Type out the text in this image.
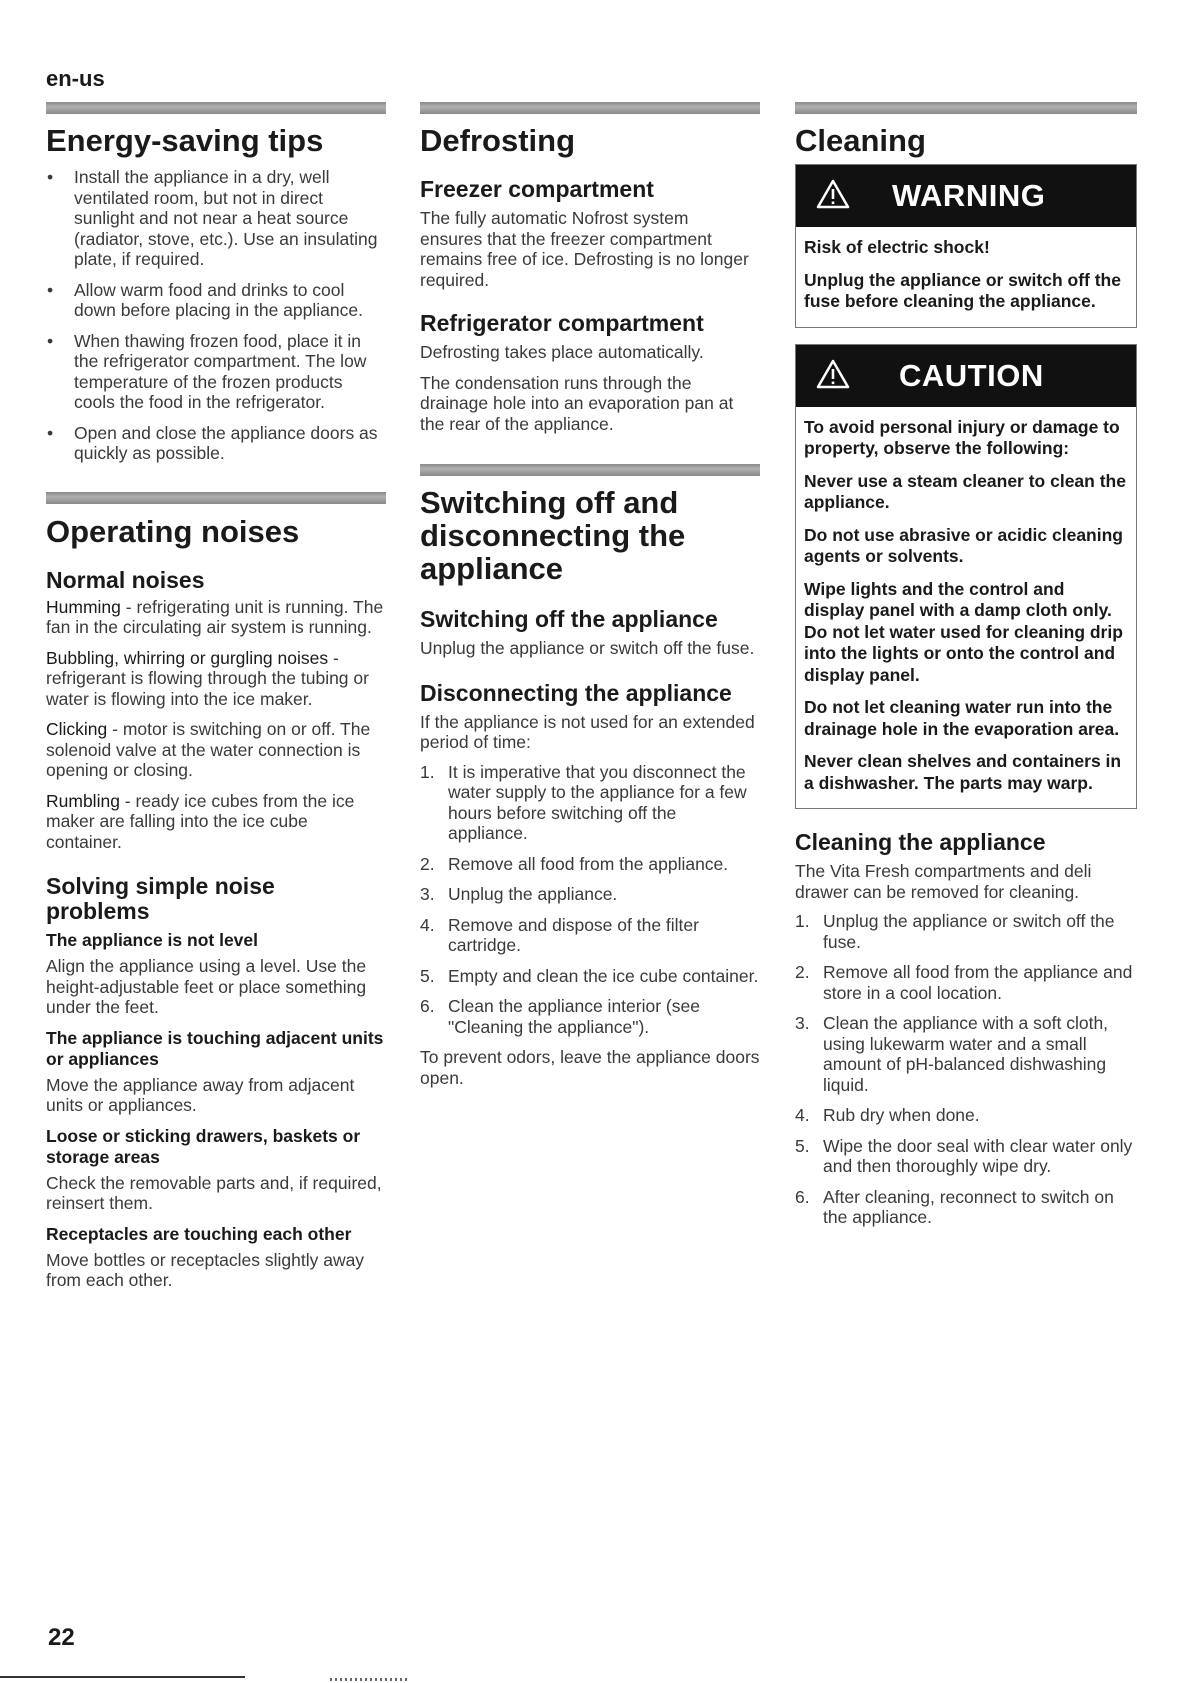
en-us
Energy-saving tips
• Install the appliance in a dry, well ventilated room, but not in direct sunlight and not near a heat source (radiator, stove, etc.). Use an insulating plate, if required.
• Allow warm food and drinks to cool down before placing in the appliance.
• When thawing frozen food, place it in the refrigerator compartment. The low temperature of the frozen products cools the food in the refrigerator.
• Open and close the appliance doors as quickly as possible.
Operating noises
Normal noises
Humming - refrigerating unit is running. The fan in the circulating air system is running.
Bubbling, whirring or gurgling noises - refrigerant is flowing through the tubing or water is flowing into the ice maker.
Clicking - motor is switching on or off. The solenoid valve at the water connection is opening or closing.
Rumbling - ready ice cubes from the ice maker are falling into the ice cube container.
Solving simple noise problems
The appliance is not level
Align the appliance using a level. Use the height-adjustable feet or place something under the feet.
The appliance is touching adjacent units or appliances
Move the appliance away from adjacent units or appliances.
Loose or sticking drawers, baskets or storage areas
Check the removable parts and, if required, reinsert them.
Receptacles are touching each other
Move bottles or receptacles slightly away from each other.
Defrosting
Freezer compartment
The fully automatic Nofrost system ensures that the freezer compartment remains free of ice. Defrosting is no longer required.
Refrigerator compartment
Defrosting takes place automatically.
The condensation runs through the drainage hole into an evaporation pan at the rear of the appliance.
Switching off and disconnecting the appliance
Switching off the appliance
Unplug the appliance or switch off the fuse.
Disconnecting the appliance
If the appliance is not used for an extended period of time:
1. It is imperative that you disconnect the water supply to the appliance for a few hours before switching off the appliance.
2. Remove all food from the appliance.
3. Unplug the appliance.
4. Remove and dispose of the filter cartridge.
5. Empty and clean the ice cube container.
6. Clean the appliance interior (see "Cleaning the appliance").
To prevent odors, leave the appliance doors open.
Cleaning
WARNING

Risk of electric shock!

Unplug the appliance or switch off the fuse before cleaning the appliance.

CAUTION

To avoid personal injury or damage to property, observe the following:

Never use a steam cleaner to clean the appliance.

Do not use abrasive or acidic cleaning agents or solvents.

Wipe lights and the control and display panel with a damp cloth only. Do not let water used for cleaning drip into the lights or onto the control and display panel.

Do not let cleaning water run into the drainage hole in the evaporation area.

Never clean shelves and containers in a dishwasher. The parts may warp.

Cleaning the appliance
The Vita Fresh compartments and deli drawer can be removed for cleaning.
1. Unplug the appliance or switch off the fuse.
2. Remove all food from the appliance and store in a cool location.
3. Clean the appliance with a soft cloth, using lukewarm water and a small amount of pH-balanced dishwashing liquid.
4. Rub dry when done.
5. Wipe the door seal with clear water only and then thoroughly wipe dry.
6. After cleaning, reconnect to switch on the appliance.
22
